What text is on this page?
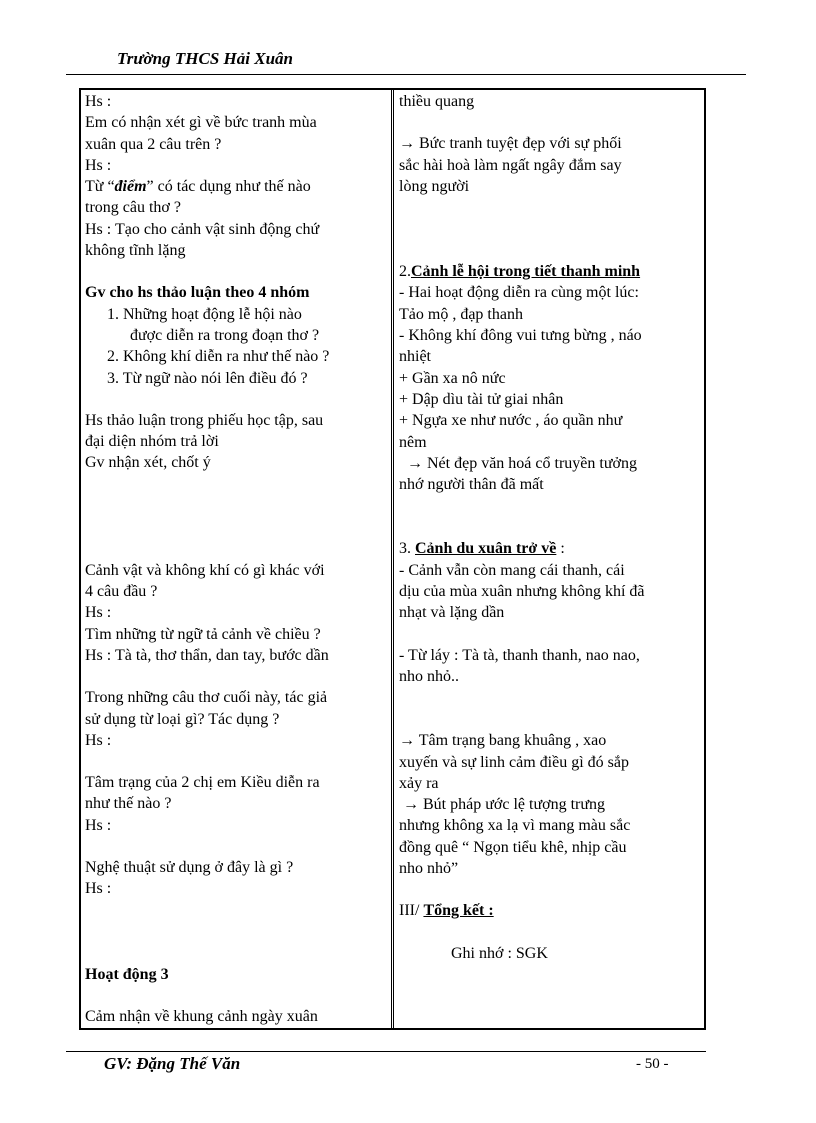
Trường THCS Hải Xuân
Hs :
Em có nhận xét gì về bức tranh mùa
xuân qua 2 câu trên ?
Hs :
Từ “điểm” có tác dụng như thế nào
trong câu thơ ?
Hs : Tạo cho cảnh vật sinh động chứ
không tĩnh lặng
Gv cho hs thảo luận theo 4 nhóm
1. Những hoạt động lễ hội nào
được diễn ra trong đoạn thơ ?
2. Không khí diễn ra như thế nào ?
3. Từ ngữ nào nói lên điều đó ?
Hs thảo luận trong phiếu học tập, sau
đại diện nhóm trả lời
Gv nhận xét, chốt ý
Cảnh vật và không khí có gì khác với
4 câu đầu ?
Hs :
Tìm những từ ngữ tả cảnh về chiều ?
Hs : Tà tà, thơ thẩn, dan tay, bước dần
Trong những câu thơ cuối này, tác giả
sử dụng từ loại gì? Tác dụng ?
Hs :
Tâm trạng của 2 chị em Kiều diễn ra
như thế nào ?
Hs :
Nghệ thuật sử dụng ở đây là gì ?
Hs :
Hoạt động 3
Cảm nhận về khung cảnh ngày xuân
thiều quang
→ Bức tranh tuyệt đẹp với sự phối
sắc hài hoà làm ngất ngây đắm say
lòng người
2.Cảnh lễ hội trong tiết thanh minh
- Hai hoạt động diễn ra cùng một lúc:
Tảo mộ , đạp thanh
- Không khí đông vui tưng bừng , náo
nhiệt
+ Gần xa nô nức
+ Dập dìu tài tử giai nhân
+ Ngựa xe như nước , áo quần như
nêm
→ Nét đẹp văn hoá cổ truyền tưởng
nhớ người thân đã mất
3. Cảnh du xuân trở về :
- Cảnh vẫn còn mang cái thanh, cái
dịu của mùa xuân nhưng không khí đã
nhạt và lặng dần
- Từ láy : Tà tà, thanh thanh, nao nao,
nho nhỏ..
→ Tâm trạng bang khuâng , xao
xuyến và sự linh cảm điều gì đó sắp
xảy ra
→ Bút pháp ước lệ tượng trưng
nhưng không xa lạ vì mang màu sắc
đồng quê “ Ngọn tiểu khê, nhịp cầu
nho nhỏ”
III/ Tổng kết :
Ghi nhớ : SGK
GV: Đặng Thế Văn	- 50 -
